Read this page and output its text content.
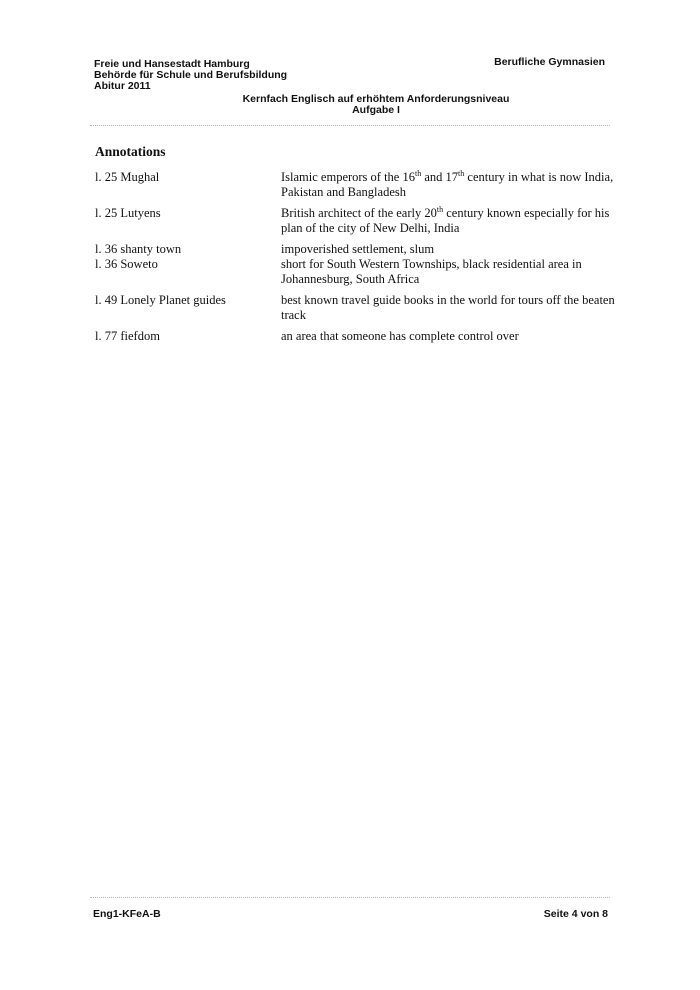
Freie und Hansestadt Hamburg
Behörde für Schule und Berufsbildung
Abitur 2011
Berufliche Gymnasien
Kernfach Englisch auf erhöhtem Anforderungsniveau
Aufgabe I
Annotations
l. 25 Mughal	Islamic emperors of the 16th and 17th century in what is now India, Pakistan and Bangladesh
l. 25 Lutyens	British architect of the early 20th century known especially for his plan of the city of New Delhi, India
l. 36 shanty town	impoverished settlement, slum
l. 36 Soweto	short for South Western Townships, black residential area in Johannesburg, South Africa
l. 49 Lonely Planet guides	best known travel guide books in the world for tours off the beaten track
l. 77 fiefdom	an area that someone has complete control over
Eng1-KFeA-B	Seite 4 von 8
